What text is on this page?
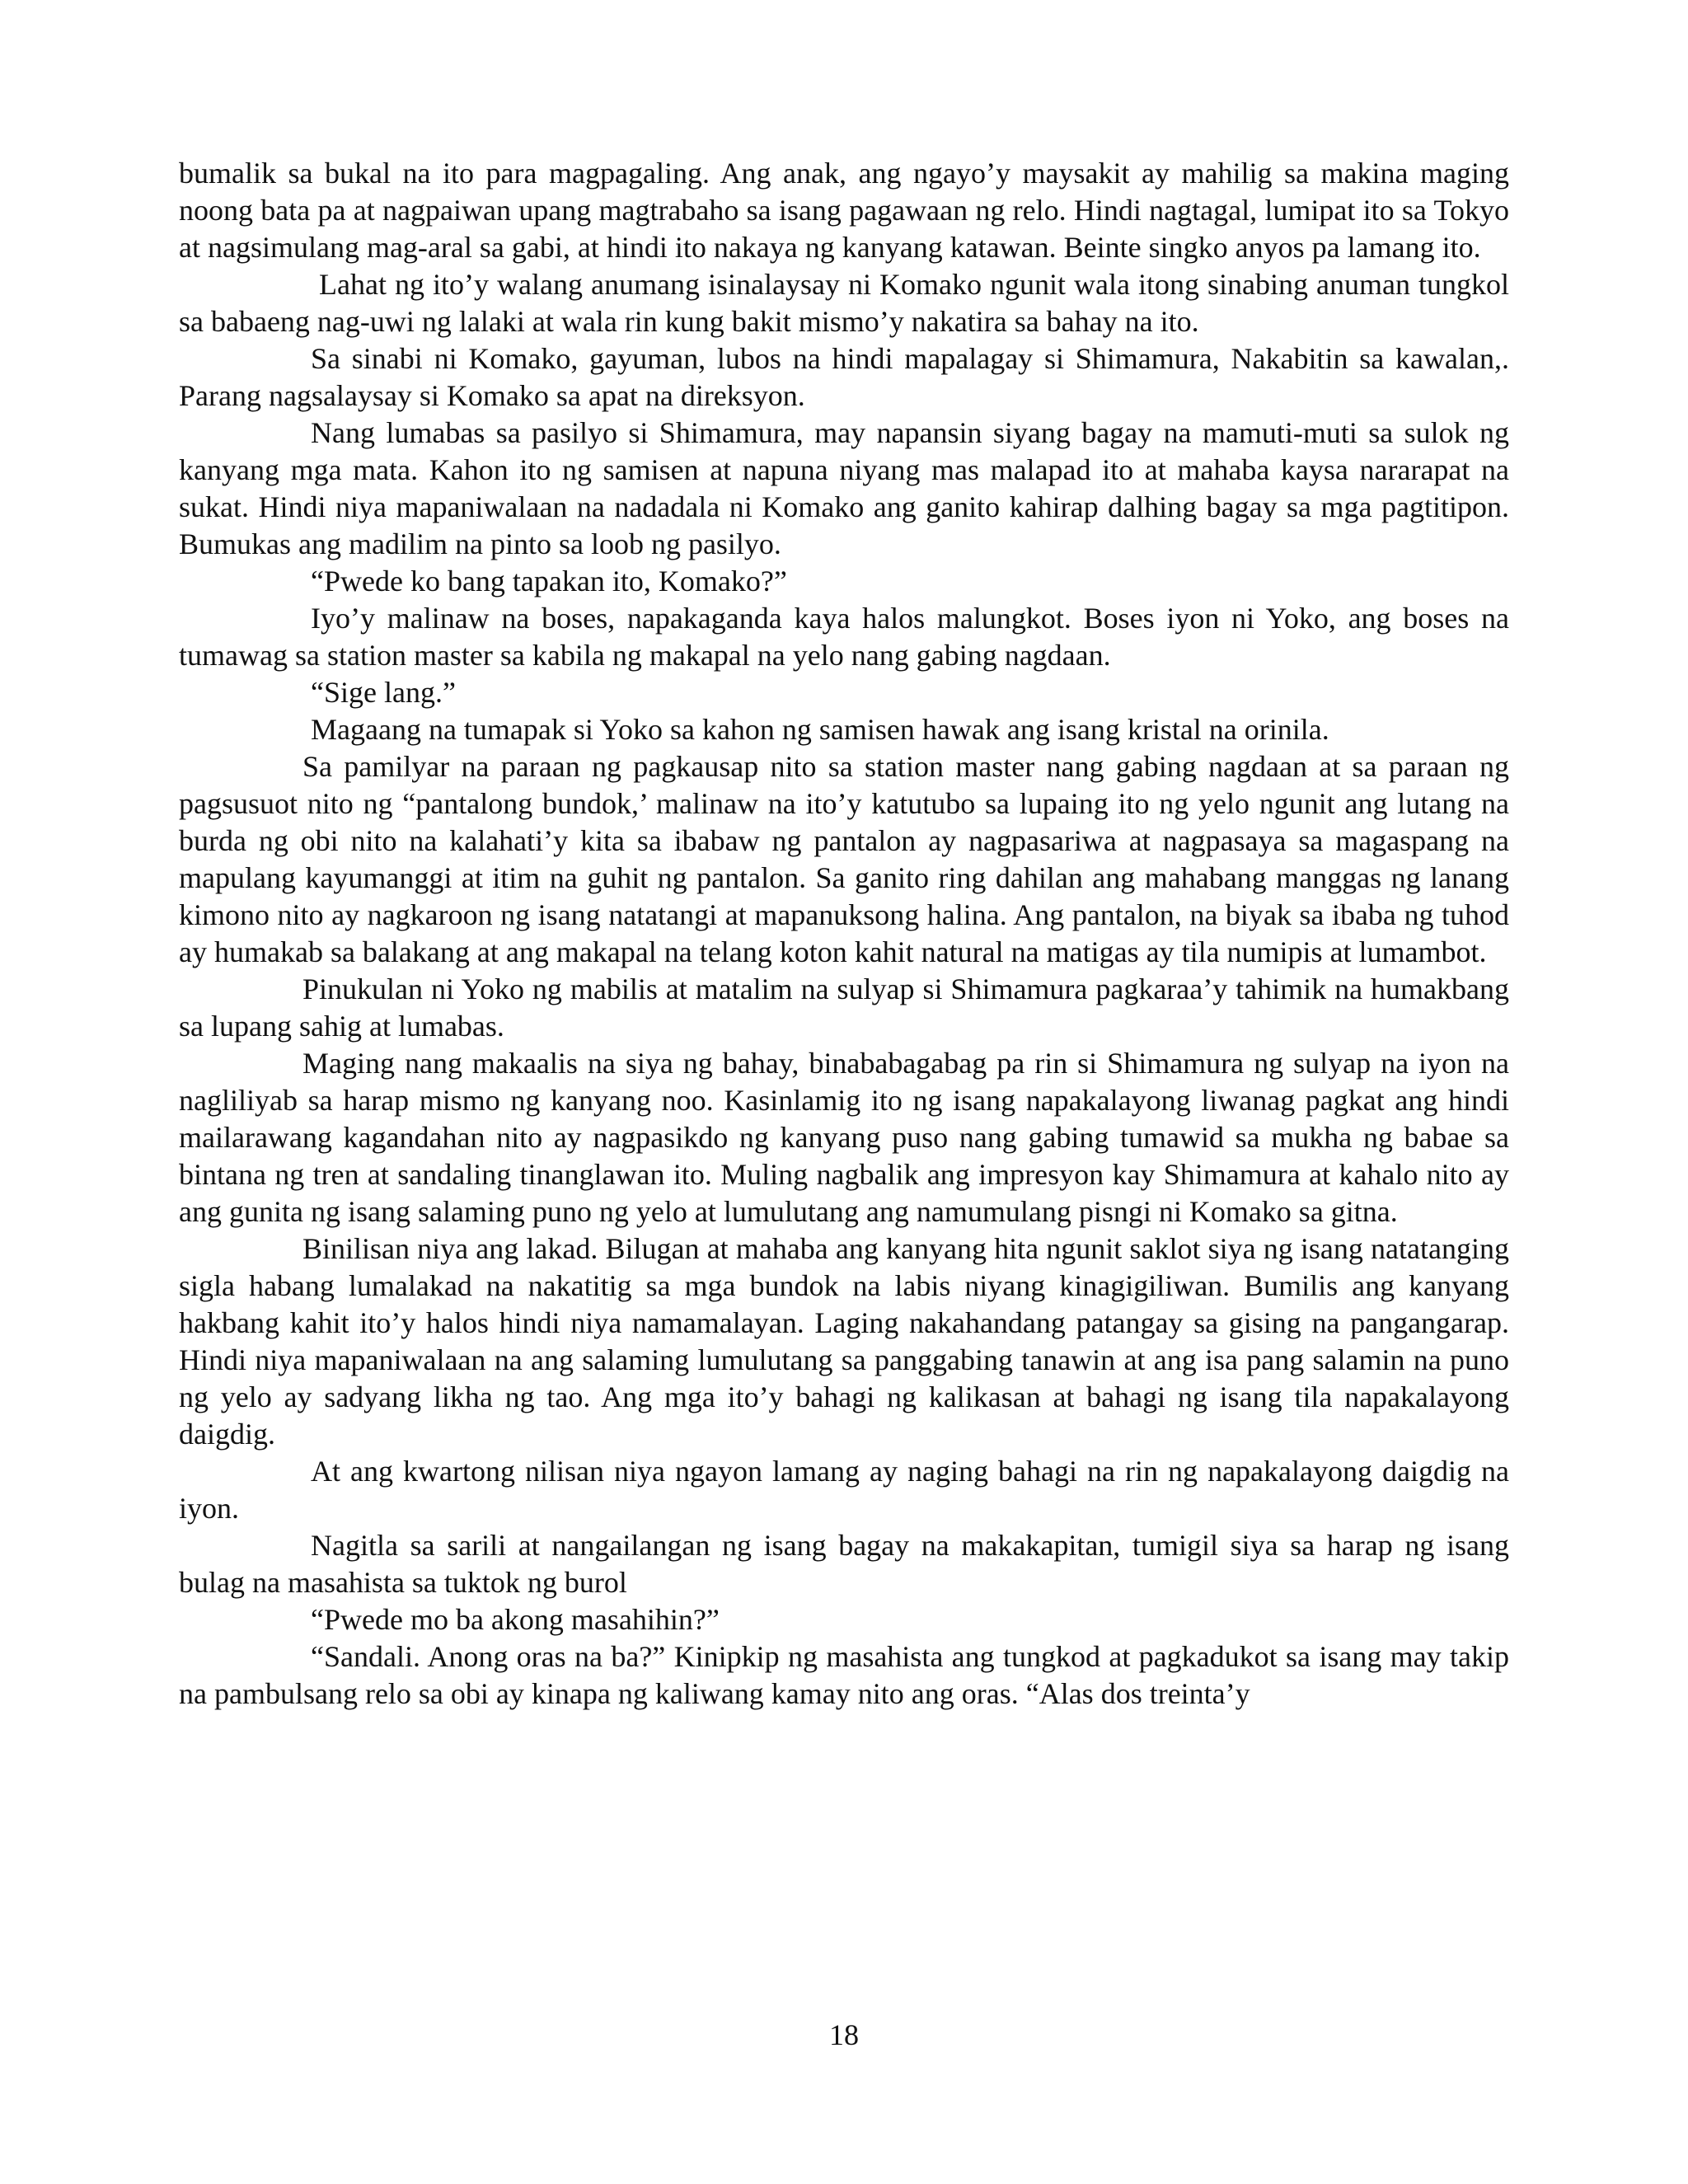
bumalik sa bukal na ito para magpagaling. Ang anak, ang ngayo’y maysakit ay mahilig sa makina maging noong bata pa at nagpaiwan upang magtrabaho sa isang pagawaan ng relo. Hindi nagtagal, lumipat ito sa Tokyo at nagsimulang mag-aral sa gabi, at hindi ito nakaya ng kanyang katawan. Beinte singko anyos pa lamang ito.

Lahat ng ito’y walang anumang isinalaysay ni Komako ngunit wala itong sinabing anuman tungkol sa babaeng nag-uwi ng lalaki at wala rin kung bakit mismo’y nakatira sa bahay na ito.

Sa sinabi ni Komako, gayuman, lubos na hindi mapalagay si Shimamura, Nakabitin sa kawalan,. Parang nagsalaysay si Komako sa apat na direksyon.

Nang lumabas sa pasilyo si Shimamura, may napansin siyang bagay na mamuti-muti sa sulok ng kanyang mga mata. Kahon ito ng samisen at napuna niyang mas malapad ito at mahaba kaysa nararapat na sukat. Hindi niya mapaniwalaan na nadadala ni Komako ang ganito kahirap dalhing bagay sa mga pagtitipon. Bumukas ang madilim na pinto sa loob ng pasilyo.

“Pwede ko bang tapakan ito, Komako?”

Iyo’y malinaw na boses, napakaganda kaya halos malungkot. Boses iyon ni Yoko, ang boses na tumawag sa station master sa kabila ng makapal na yelo nang gabing nagdaan.

“Sige lang.”

Magaang na tumapak si Yoko sa kahon ng samisen hawak ang isang kristal na orinila.

Sa pamilyar na paraan ng pagkausap nito sa station master nang gabing nagdaan at sa paraan ng pagsusuot nito ng “pantalong bundok,’ malinaw na ito’y katutubo sa lupaing ito ng yelo ngunit ang lutang na burda ng obi nito na kalahati’y kita sa ibabaw ng pantalon ay nagpasariwa at nagpasaya sa magaspang na mapulang kayumanggi at itim na guhit ng pantalon. Sa ganito ring dahilan ang mahabang manggas ng lanang kimono nito ay nagkaroon ng isang natatangi at mapanuksong halina. Ang pantalon, na biyak sa ibaba ng tuhod ay humakab sa balakang at ang makapal na telang koton kahit natural na matigas ay tila numipis at lumambot.

Pinukulan ni Yoko ng mabilis at matalim na sulyap si Shimamura pagkaraa’y tahimik na humakbang sa lupang sahig at lumabas.

Maging nang makaalis na siya ng bahay, binababagabag pa rin si Shimamura ng sulyap na iyon na nagliliyab sa harap mismo ng kanyang noo. Kasinlamig ito ng isang napakalayong liwanag pagkat ang hindi mailarawang kagandahan nito ay nagpasikdo ng kanyang puso nang gabing tumawid sa mukha ng babae sa bintana ng tren at sandaling tinanglawan ito. Muling nagbalik ang impresyon kay Shimamura at kahalo nito ay ang gunita ng isang salaming puno ng yelo at lumulutang ang namumulang pisngi ni Komako sa gitna.

Binilisan niya ang lakad. Bilugan at mahaba ang kanyang hita ngunit saklot siya ng isang natatanging sigla habang lumalakad na nakatitig sa mga bundok na labis niyang kinagigiliwan. Bumilis ang kanyang hakbang kahit ito’y halos hindi niya namamalayan. Laging nakahandang patangay sa gising na pangangarap. Hindi niya mapaniwalaan na ang salaming lumulutang sa panggabing tanawin at ang isa pang salamin na puno ng yelo ay sadyang likha ng tao. Ang mga ito’y bahagi ng kalikasan at bahagi ng isang tila napakalayong daigdig.

At ang kwartong nilisan niya ngayon lamang ay naging bahagi na rin ng napakalayong daigdig na iyon.

Nagitla sa sarili at nangailangan ng isang bagay na makakapitan, tumigil siya sa harap ng isang bulag na masahista sa tuktok ng burol

“Pwede mo ba akong masahihin?”

“Sandali. Anong oras na ba?” Kinipkip ng masahista ang tungkod at pagkadukot sa isang may takip na pambulsang relo sa obi ay kinapa ng kaliwang kamay nito ang oras. “Alas dos treinta’y

18
